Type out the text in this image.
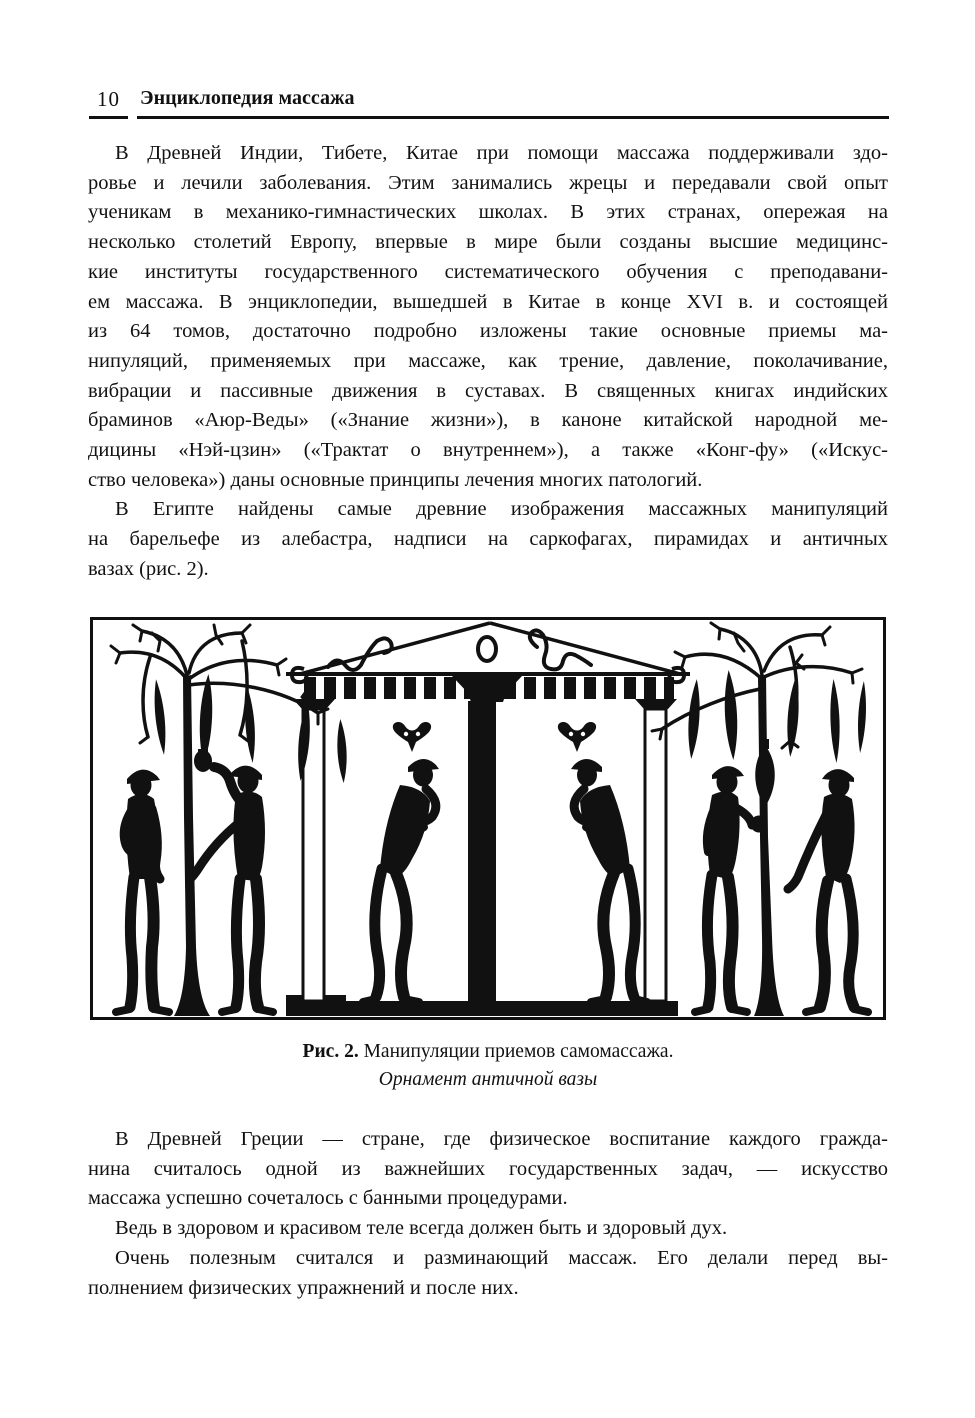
10 Энциклопедия массажа
В Древней Индии, Тибете, Китае при помощи массажа поддерживали здо-
ровье и лечили заболевания. Этим занимались жрецы и передавали свой опыт
ученикам в механико-гимнастических школах. В этих странах, опережая на
несколько столетий Европу, впервые в мире были созданы высшие медицинс-
кие институты государственного систематического обучения с преподавани-
ем массажа. В энциклопедии, вышедшей в Китае в конце XVI в. и состоящей
из 64 томов, достаточно подробно изложены такие основные приемы ма-
нипуляций, применяемых при массаже, как трение, давление, поколачивание,
вибрации и пассивные движения в суставах. В священных книгах индийских
браминов «Аюр-Веды» («Знание жизни»), в каноне китайской народной ме-
дицины «Нэй-цзин» («Трактат о внутреннем»), а также «Конг-фу» («Искус-
ство человека») даны основные принципы лечения многих патологий.
В Египте найдены самые древние изображения массажных манипуляций
на барельефе из алебастра, надписи на саркофагах, пирамидах и античных
вазах (рис. 2).
Рис. 2. Манипуляции приемов самомассажа.
Орнамент античной вазы
В Древней Греции — стране, где физическое воспитание каждого гражда-
нина считалось одной из важнейших государственных задач, — искусство
массажа успешно сочеталось с банными процедурами.
Ведь в здоровом и красивом теле всегда должен быть и здоровый дух.
Очень полезным считался и разминающий массаж. Его делали перед вы-
полнением физических упражнений и после них.
